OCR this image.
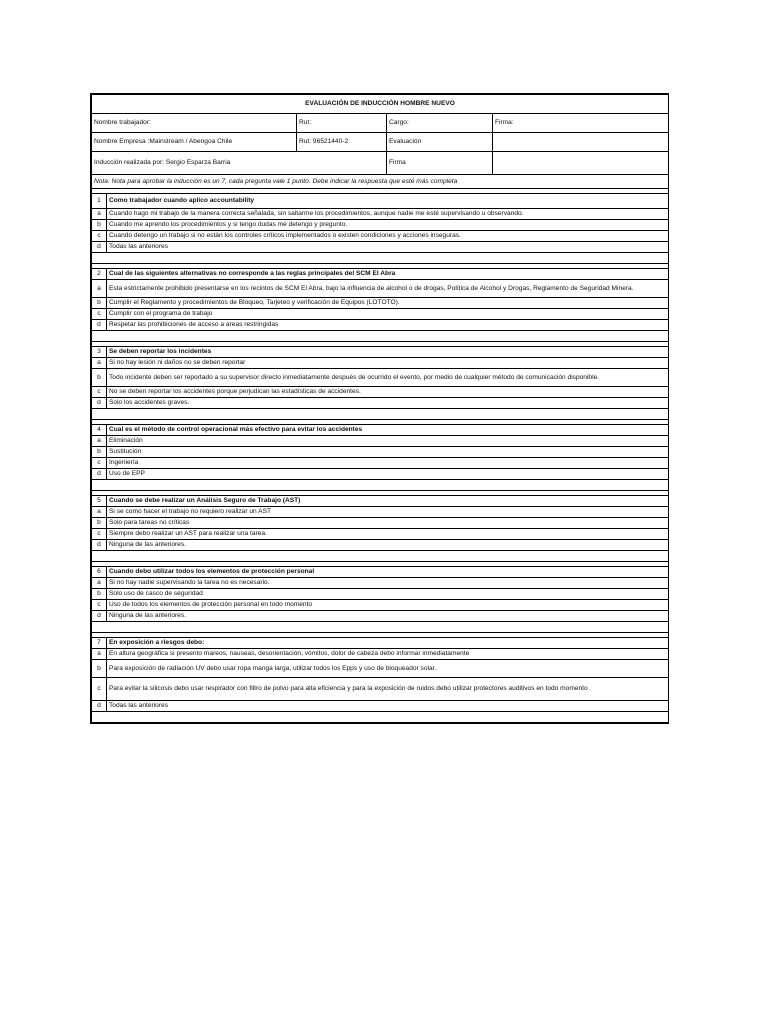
EVALUACIÓN DE INDUCCIÓN HOMBRE NUEVO				
Nombre trabajador:		Rut:	Cargo:	Firma:
Nombre Empresa :Mainstream / Abengoa Chile		Rut: 96521440-2	Evaluación	
Inducción realizada por: Sergio Esparza Barria			Firma	
Nota: Nota para aprobar la inducción es un 7, cada pregunta vale 1 punto. Debe indicar la respuesta que esté más completa				

1	Como trabajador cuando aplico accountability			
a	Cuando hago mi trabajo de la manera correcta señalada, sin saltarme los procedimientos, aunque nadie me esté supervisando u observando.			
b	Cuando me aprendo los procedimientos y si tengo dudas me detengo y pregunto.			
c	Cuando detengo un trabajo si no están los controles críticos implementados o existen condiciones y acciones inseguras.			
d	Todas las anteriores			

2	Cual de las siguientes alternativas no corresponde a las reglas principales del SCM El Abra			
a	Esta estrictamente prohibido presentarse en los recintos de SCM El Abra, bajo la influencia de alcohol o de drogas, Política de Alcohol y Drogas, Reglamento de Seguridad Minera.			
b	Cumplir el Reglamento y procedimientos de Bloqueo, Tarjeteo y verificación de Equipos (LOTOTO).			
c	Cumplir con el programa de trabajo			
d	Respetar las prohibiciones de acceso a areas restringidas			

3	Se deben reportar los incidentes			
a	Si no hay lesión ni daños no se deben reportar			
b	Todo incidente deben ser reportado a su supervisor directo inmediatamente después de ocurrido el evento, por medio de cualquier método de comunicación disponible.			
c	No se deben reportar los accidentes porque perjudican las estadísticas de accidentes.			
d	Solo los accidentes graves.			

4	Cual es el método de control operacional más efectivo para evitar los accidentes			
a	Eliminación			
b	Sustitución			
c	Ingeniería			
d	Uso de EPP			

5	Cuando se debe realizar un Análisis Seguro de Trabajo (AST)			
a	Si se como hacer el trabajo no requiero realizar un AST			
b	Solo para tareas no críticas			
c	Siempre debo realizar un AST para realizar una tarea.			
d	Ninguna de las anteriores.			

6	Cuando debo utilizar todos los elementos de protección personal			
a	Si no hay nadie supervisando la tarea no es necesario.			
b	Solo uso de casco de seguridad			
c	Uso de todos los elementos de protección personal en todo momento			
d	Ninguna de las anteriores.			

7	En exposición a riesgos debo:			
a	En altura geográfica si presento mareos, nauseas, desorientación, vómitos, dolor de cabeza debo informar inmediatamente			
b	Para exposición de radiación UV debo usar ropa manga larga, utilizar todos los Epps y uso de bloqueador solar.			
c	Para evitar la silicosis debo usar respirador con filtro de polvo para alta eficiencia y para la exposición de ruidos debo utilizar protectores auditivos en todo momento			
d	Todas las anteriores			
